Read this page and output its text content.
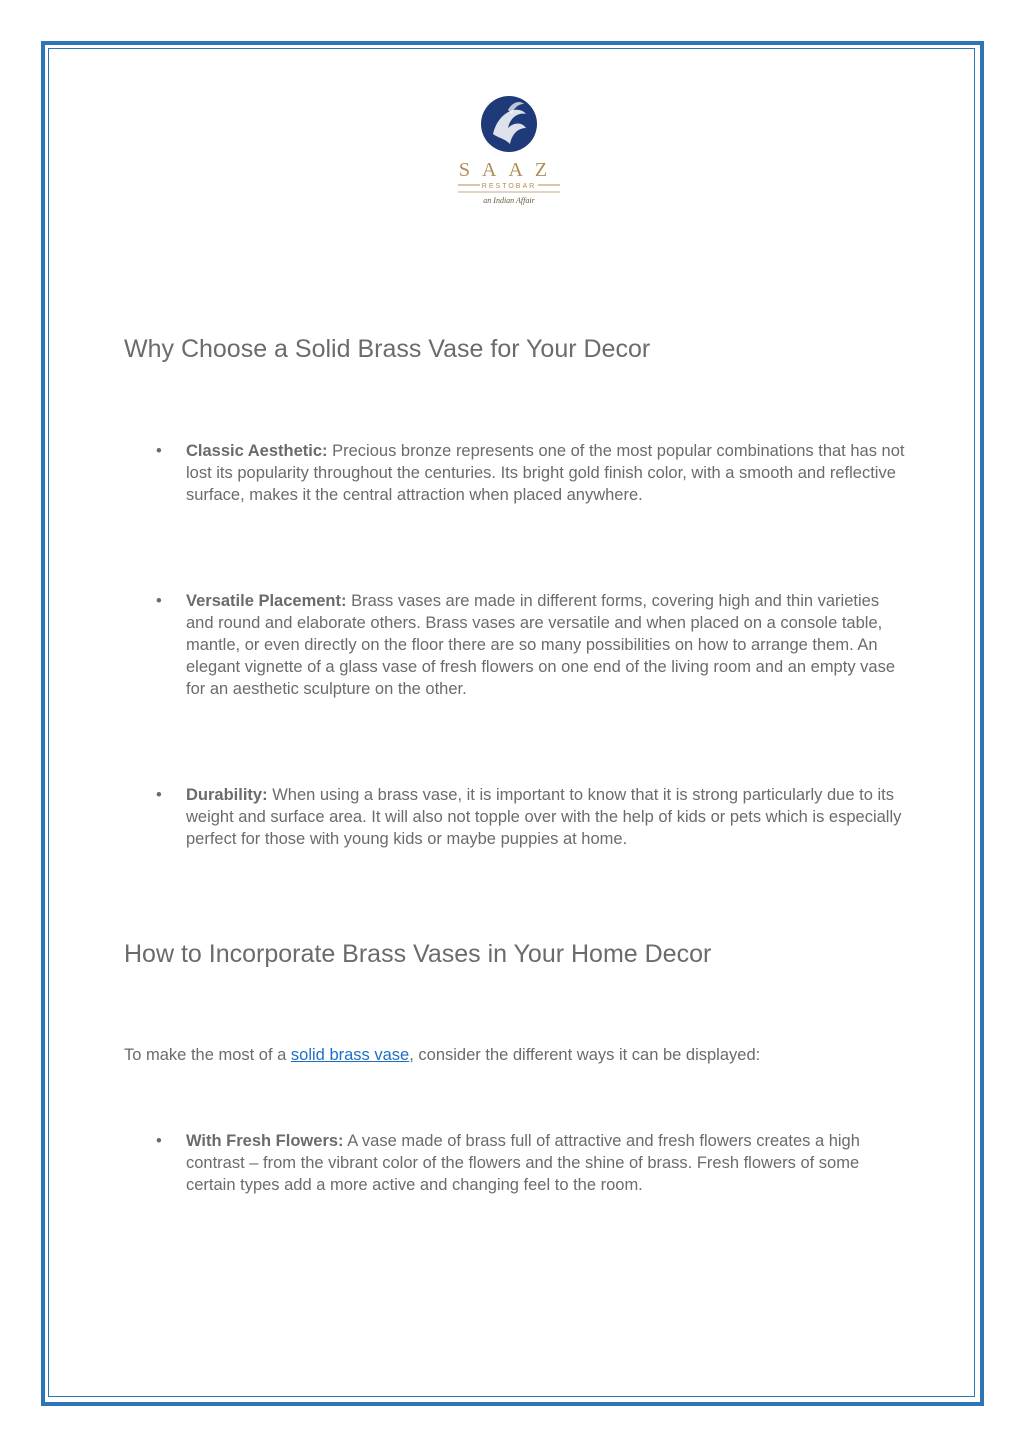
SAAZ
RESTOBAR
an Indian Affair
Why Choose a Solid Brass Vase for Your Decor
• Classic Aesthetic: Precious bronze represents one of the most popular combinations that has not lost its popularity throughout the centuries. Its bright gold finish color, with a smooth and reflective surface, makes it the central attraction when placed anywhere.
• Versatile Placement: Brass vases are made in different forms, covering high and thin varieties and round and elaborate others. Brass vases are versatile and when placed on a console table, mantle, or even directly on the floor there are so many possibilities on how to arrange them. An elegant vignette of a glass vase of fresh flowers on one end of the living room and an empty vase for an aesthetic sculpture on the other.
• Durability: When using a brass vase, it is important to know that it is strong particularly due to its weight and surface area. It will also not topple over with the help of kids or pets which is especially perfect for those with young kids or maybe puppies at home.
How to Incorporate Brass Vases in Your Home Decor

To make the most of a solid brass vase, consider the different ways it can be displayed:

• With Fresh Flowers: A vase made of brass full of attractive and fresh flowers creates a high contrast – from the vibrant color of the flowers and the shine of brass. Fresh flowers of some certain types add a more active and changing feel to the room.
